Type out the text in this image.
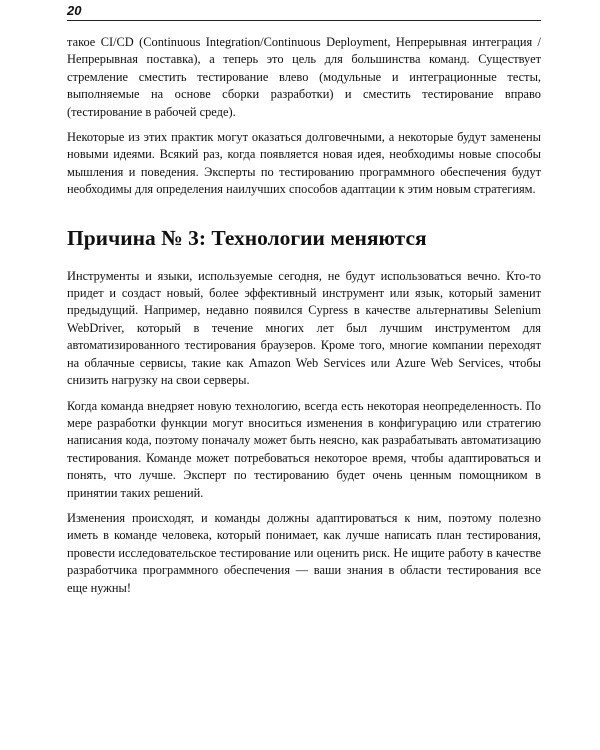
20

такое CI/CD (Continuous Integration/Continuous Deployment, Непрерывная интеграция / Непрерывная поставка), а теперь это цель для большинства команд. Существует стремление сместить тестирование влево (модульные и интеграционные тесты, выполняемые на основе сборки разработки) и сместить тестирование вправо (тестирование в рабочей среде).

Некоторые из этих практик могут оказаться долговечными, а некоторые будут заменены новыми идеями. Всякий раз, когда появляется новая идея, необходимы новые способы мышления и поведения. Эксперты по тестированию программного обеспечения будут необходимы для определения наилучших способов адаптации к этим новым стратегиям.

Причина № 3: Технологии меняются

Инструменты и языки, используемые сегодня, не будут использоваться вечно. Кто-то придет и создаст новый, более эффективный инструмент или язык, который заменит предыдущий. Например, недавно появился Cypress в качестве альтернативы Selenium WebDriver, который в течение многих лет был лучшим инструментом для автоматизированного тестирования браузеров. Кроме того, многие компании переходят на облачные сервисы, такие как Amazon Web Services или Azure Web Services, чтобы снизить нагрузку на свои серверы.

Когда команда внедряет новую технологию, всегда есть некоторая неопределенность. По мере разработки функции могут вноситься изменения в конфигурацию или стратегию написания кода, поэтому поначалу может быть неясно, как разрабатывать автоматизацию тестирования. Команде может потребоваться некоторое время, чтобы адаптироваться и понять, что лучше. Эксперт по тестированию будет очень ценным помощником в принятии таких решений.

Изменения происходят, и команды должны адаптироваться к ним, поэтому полезно иметь в команде человека, который понимает, как лучше написать план тестирования, провести исследовательское тестирование или оценить риск. Не ищите работу в качестве разработчика программного обеспечения — ваши знания в области тестирования все еще нужны!
